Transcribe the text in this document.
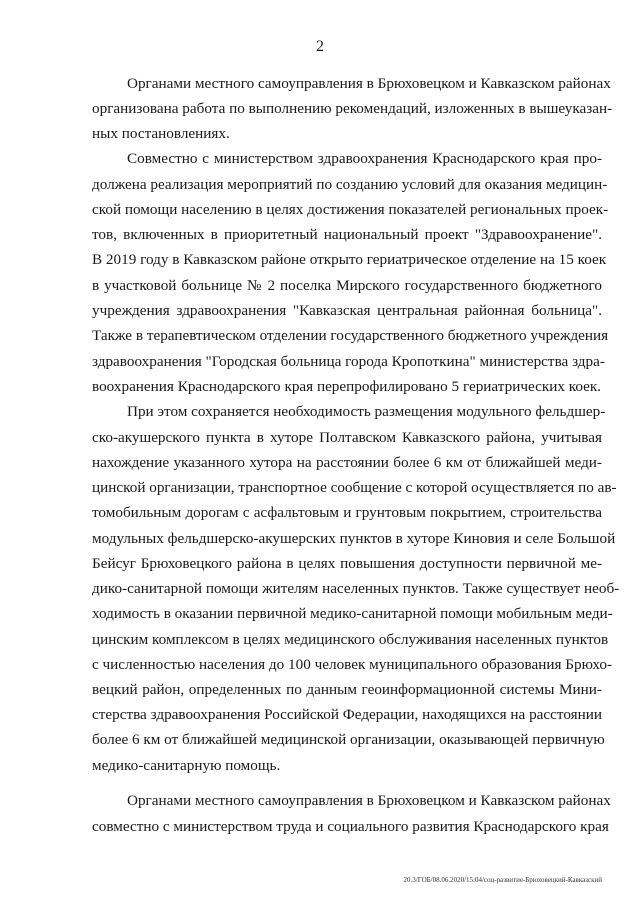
2
Органами местного самоуправления в Брюховецком и Кавказском районах
организована работа по выполнению рекомендаций, изложенных в вышеуказан-
ных постановлениях.
Совместно с министерством здравоохранения Краснодарского края про-
должена реализация мероприятий по созданию условий для оказания медицин-
ской помощи населению в целях достижения показателей региональных проек-
тов, включенных в приоритетный национальный проект "Здравоохранение".
В 2019 году в Кавказском районе открыто гериатрическое отделение на 15 коек
в участковой больнице № 2 поселка Мирского государственного бюджетного
учреждения здравоохранения "Кавказская центральная районная больница".
Также в терапевтическом отделении государственного бюджетного учреждения
здравоохранения "Городская больница города Кропоткина" министерства здра-
воохранения Краснодарского края перепрофилировано 5 гериатрических коек.
При этом сохраняется необходимость размещения модульного фельдшер-
ско-акушерского пункта в хуторе Полтавском Кавказского района, учитывая
нахождение указанного хутора на расстоянии более 6 км от ближайшей меди-
цинской организации, транспортное сообщение с которой осуществляется по ав-
томобильным дорогам с асфальтовым и грунтовым покрытием, строительства
модульных фельдшерско-акушерских пунктов в хуторе Киновия и селе Большой
Бейсуг Брюховецкого района в целях повышения доступности первичной ме-
дико-санитарной помощи жителям населенных пунктов. Также существует необ-
ходимость в оказании первичной медико-санитарной помощи мобильным меди-
цинским комплексом в целях медицинского обслуживания населенных пунктов
с численностью населения до 100 человек муниципального образования Брюхо-
вецкий район, определенных по данным геоинформационной системы Мини-
стерства здравоохранения Российской Федерации, находящихся на расстоянии
более 6 км от ближайшей медицинской организации, оказывающей первичную
медико-санитарную помощь.
Органами местного самоуправления в Брюховецком и Кавказском районах
совместно с министерством труда и социального развития Краснодарского края
20.3/ГОБ/08.06.2020/15:04/соц-развитие-Брюховецкий-Кавказский
